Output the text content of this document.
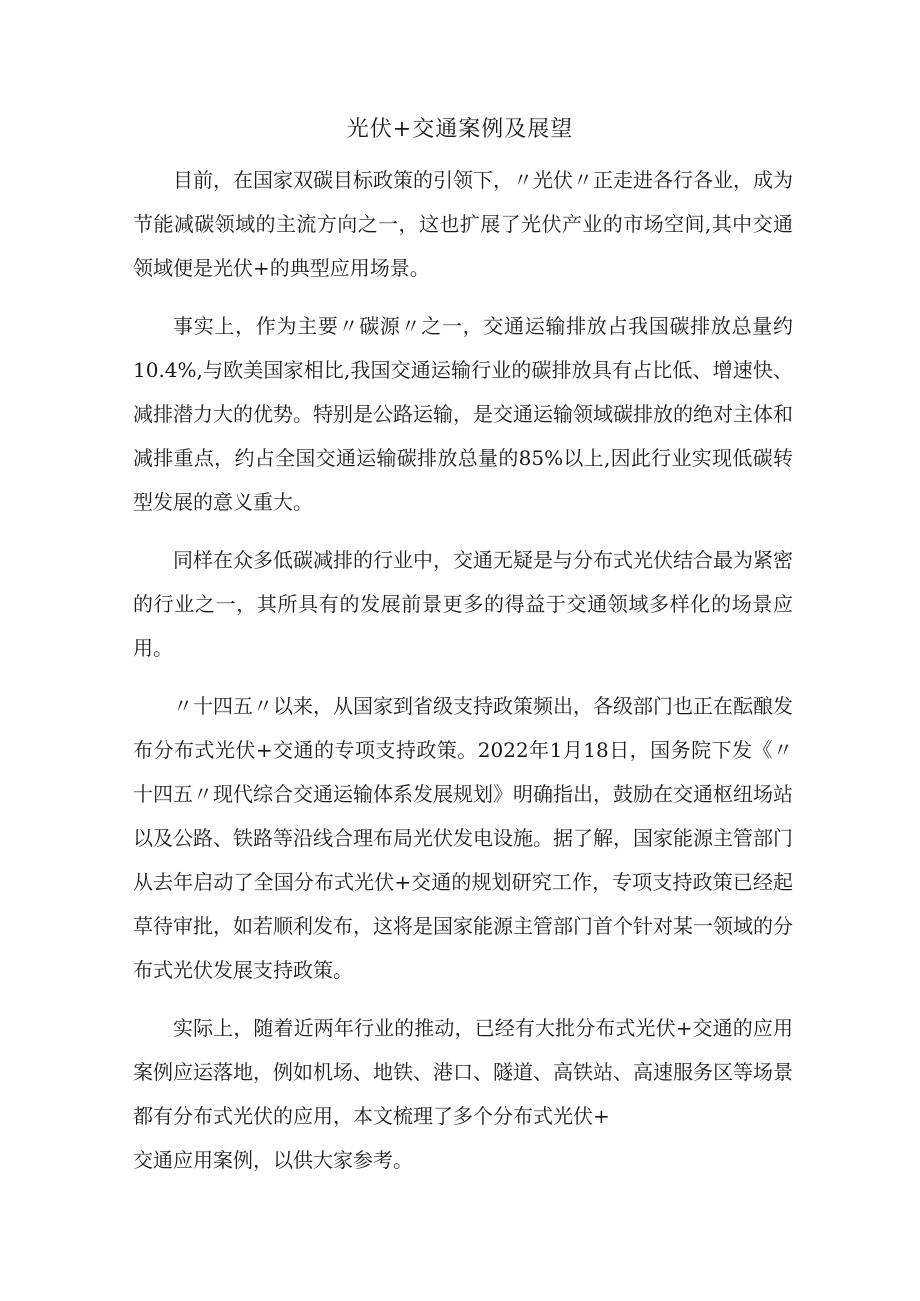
光伏+交通案例及展望

目前，在国家双碳目标政策的引领下，〃光伏〃正走进各行各业，成为节能减碳领域的主流方向之一，这也扩展了光伏产业的市场空间,其中交通领域便是光伏+的典型应用场景。

事实上，作为主要〃碳源〃之一，交通运输排放占我国碳排放总量约10.4%,与欧美国家相比,我国交通运输行业的碳排放具有占比低、增速快、减排潜力大的优势。特别是公路运输，是交通运输领域碳排放的绝对主体和减排重点，约占全国交通运输碳排放总量的85%以上,因此行业实现低碳转型发展的意义重大。

同样在众多低碳减排的行业中，交通无疑是与分布式光伏结合最为紧密的行业之一，其所具有的发展前景更多的得益于交通领域多样化的场景应用。

〃十四五〃以来，从国家到省级支持政策频出，各级部门也正在酝酿发布分布式光伏+交通的专项支持政策。2022年1月18日，国务院下发《〃十四五〃现代综合交通运输体系发展规划》明确指出，鼓励在交通枢纽场站以及公路、铁路等沿线合理布局光伏发电设施。据了解，国家能源主管部门从去年启动了全国分布式光伏+交通的规划研究工作，专项支持政策已经起草待审批，如若顺利发布，这将是国家能源主管部门首个针对某一领域的分布式光伏发展支持政策。

实际上，随着近两年行业的推动，已经有大批分布式光伏+交通的应用案例应运落地，例如机场、地铁、港口、隧道、高铁站、高速服务区等场景都有分布式光伏的应用，本文梳理了多个分布式光伏+
交通应用案例，以供大家参考。
